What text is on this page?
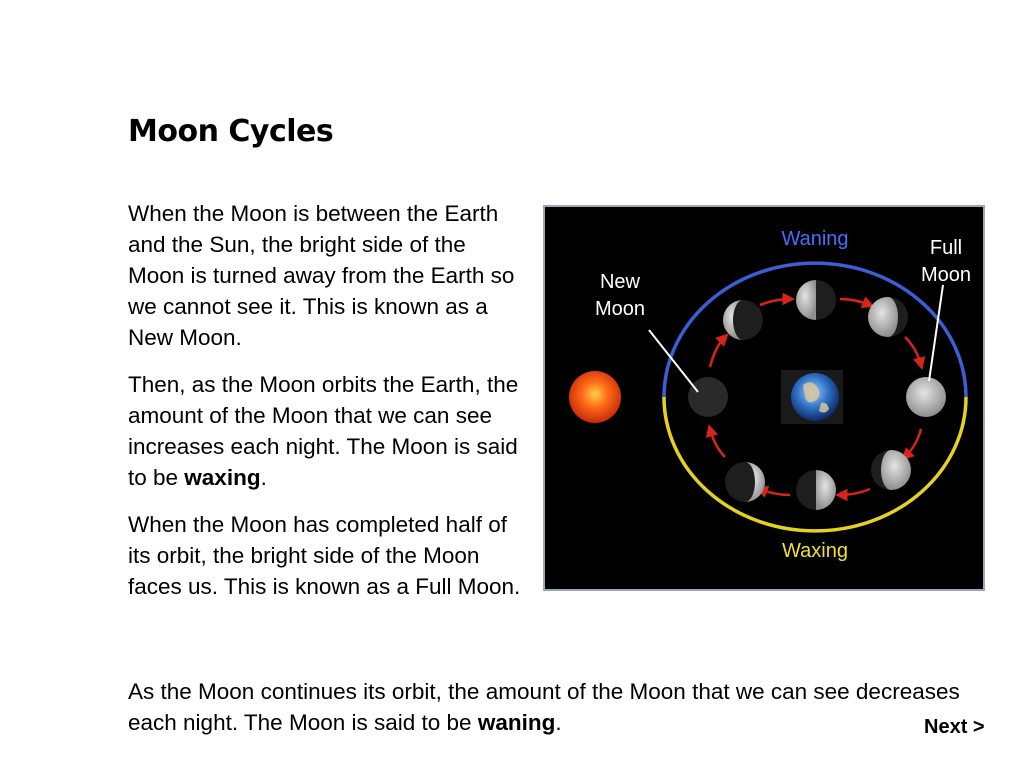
Moon Cycles

When the Moon is between the Earth and the Sun, the bright side of the Moon is turned away from the Earth so we cannot see it. This is known as a New Moon.

Then, as the Moon orbits the Earth, the amount of the Moon that we can see increases each night. The Moon is said to be waxing.

When the Moon has completed half of its orbit, the bright side of the Moon faces us. This is known as a Full Moon.

As the Moon continues its orbit, the amount of the Moon that we can see decreases each night. The Moon is said to be waning.	Next >
Waning
Waxing
New
Moon
Full
Moon
